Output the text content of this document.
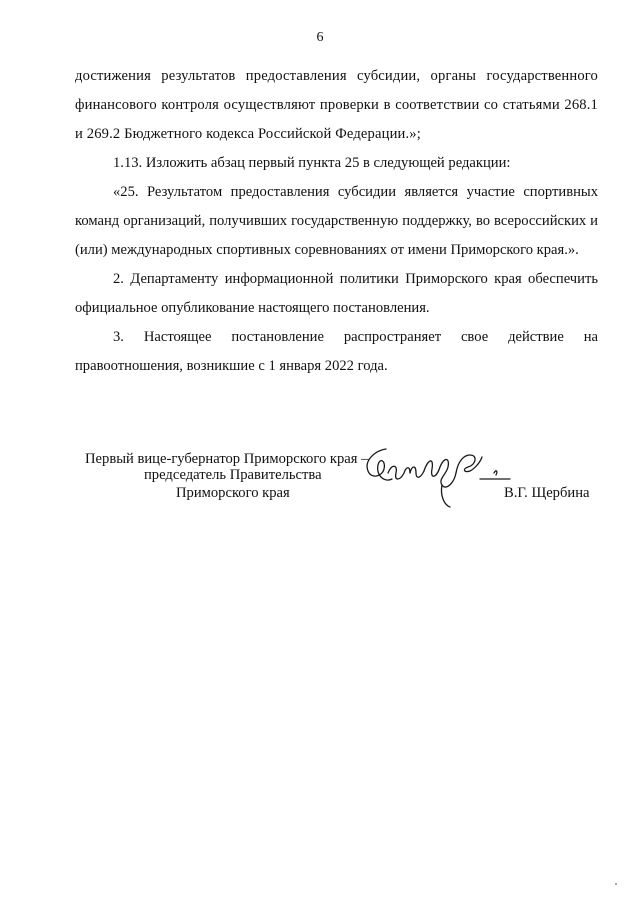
6

достижения результатов предоставления субсидии, органы государственного финансового контроля осуществляют проверки в соответствии со статьями 268.1 и 269.2 Бюджетного кодекса Российской Федерации.»;

1.13. Изложить абзац первый пункта 25 в следующей редакции:

«25. Результатом предоставления субсидии является участие спортивных команд организаций, получивших государственную поддержку, во всероссийских и (или) международных спортивных соревнованиях от имени Приморского края.».

2. Департаменту информационной политики Приморского края обеспечить официальное опубликование настоящего постановления.

3. Настоящее постановление распространяет свое действие на правоотношения, возникшие с 1 января 2022 года.

Первый вице-губернатор Приморского края –
председатель Правительства
Приморского края	В.Г. Щербина
